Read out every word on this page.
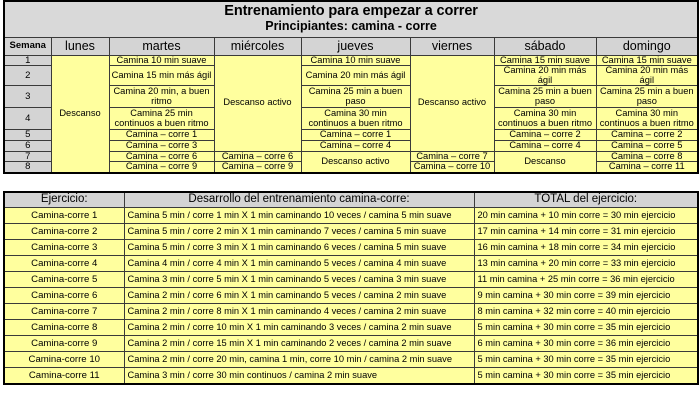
Entrenamiento para empezar a correr
Principiantes: camina - corre							

Semana	lunes	martes	miércoles	jueves	viernes	sábado	domingo
1	Descanso	Camina 10 min suave	Descanso activo	Camina 10 min suave	Descanso activo	Camina 15 min suave	Camina 15 min suave
2		Camina 15 min más ágil		Camina 20 min más ágil		Camina 20 min más ágil	Camina 20 min más ágil
3		Camina 20 min, a buen ritmo		Camina 25 min a buen paso		Camina 25 min a buen paso	Camina 25 min a buen paso
4		Camina 25 min continuos a buen ritmo		Camina 30 min continuos a buen ritmo		Camina 30 min continuos a buen ritmo	Camina 30 min continuos a buen ritmo
5		Camina – corre 1		Camina – corre 1		Camina – corre 2	Camina – corre 2
6		Camina – corre 3		Camina – corre 4		Camina – corre 4	Camina – corre 5
7		Camina – corre 6	Camina – corre 6	Descanso activo	Camina – corre 7	Descanso	Camina – corre 8
8		Camina – corre 9	Camina – corre 9		Camina – corre 10		Camina – corre 11
Ejercicio:	Desarrollo del entrenamiento camina-corre:	TOTAL del ejercicio:
Camina-corre 1	Camina 5 min / corre 1 min X 1 min caminando 10 veces / camina 5 min suave	20 min camina + 10 min corre = 30 min ejercicio
Camina-corre 2	Camina 5 min / corre 2 min X 1 min caminando 7 veces / camina 5 min suave	17 min camina + 14 min corre = 31 min ejercicio
Camina-corre 3	Camina 5 min / corre 3 min X 1 min caminando 6 veces / camina 5 min suave	16 min camina + 18 min corre = 34 min ejercicio
Camina-corre 4	Camina 4 min / corre 4 min X 1 min caminando 5 veces / camina 4 min suave	13 min camina + 20 min corre = 33 min ejercicio
Camina-corre 5	Camina 3 min / corre 5 min X 1 min caminando 5 veces / camina 3 min suave	11 min camina + 25 min corre = 36 min ejercicio
Camina-corre 6	Camina 2 min / corre 6 min X 1 min caminando 5 veces / camina 2 min suave	9 min camina + 30 min corre = 39 min ejercicio
Camina-corre 7	Camina 2 min / corre 8 min X 1 min caminando 4 veces / camina 2 min suave	8 min camina + 32 min corre = 40 min ejercicio
Camina-corre 8	Camina 2 min / corre 10 min X 1 min caminando 3 veces / camina 2 min suave	5 min camina + 30 min corre = 35 min ejercicio
Camina-corre 9	Camina 2 min / corre 15 min X 1 min caminando 2 veces / camina 2 min suave	6 min camina + 30 min corre = 36 min ejercicio
Camina-corre 10	Camina 2 min / corre 20 min, camina 1 min, corre 10 min / camina 2 min suave	5 min camina + 30 min corre = 35 min ejercicio
Camina-corre 11	Camina 3 min / corre 30 min continuos / camina 2 min suave	5 min camina + 30 min corre = 35 min ejercicio
